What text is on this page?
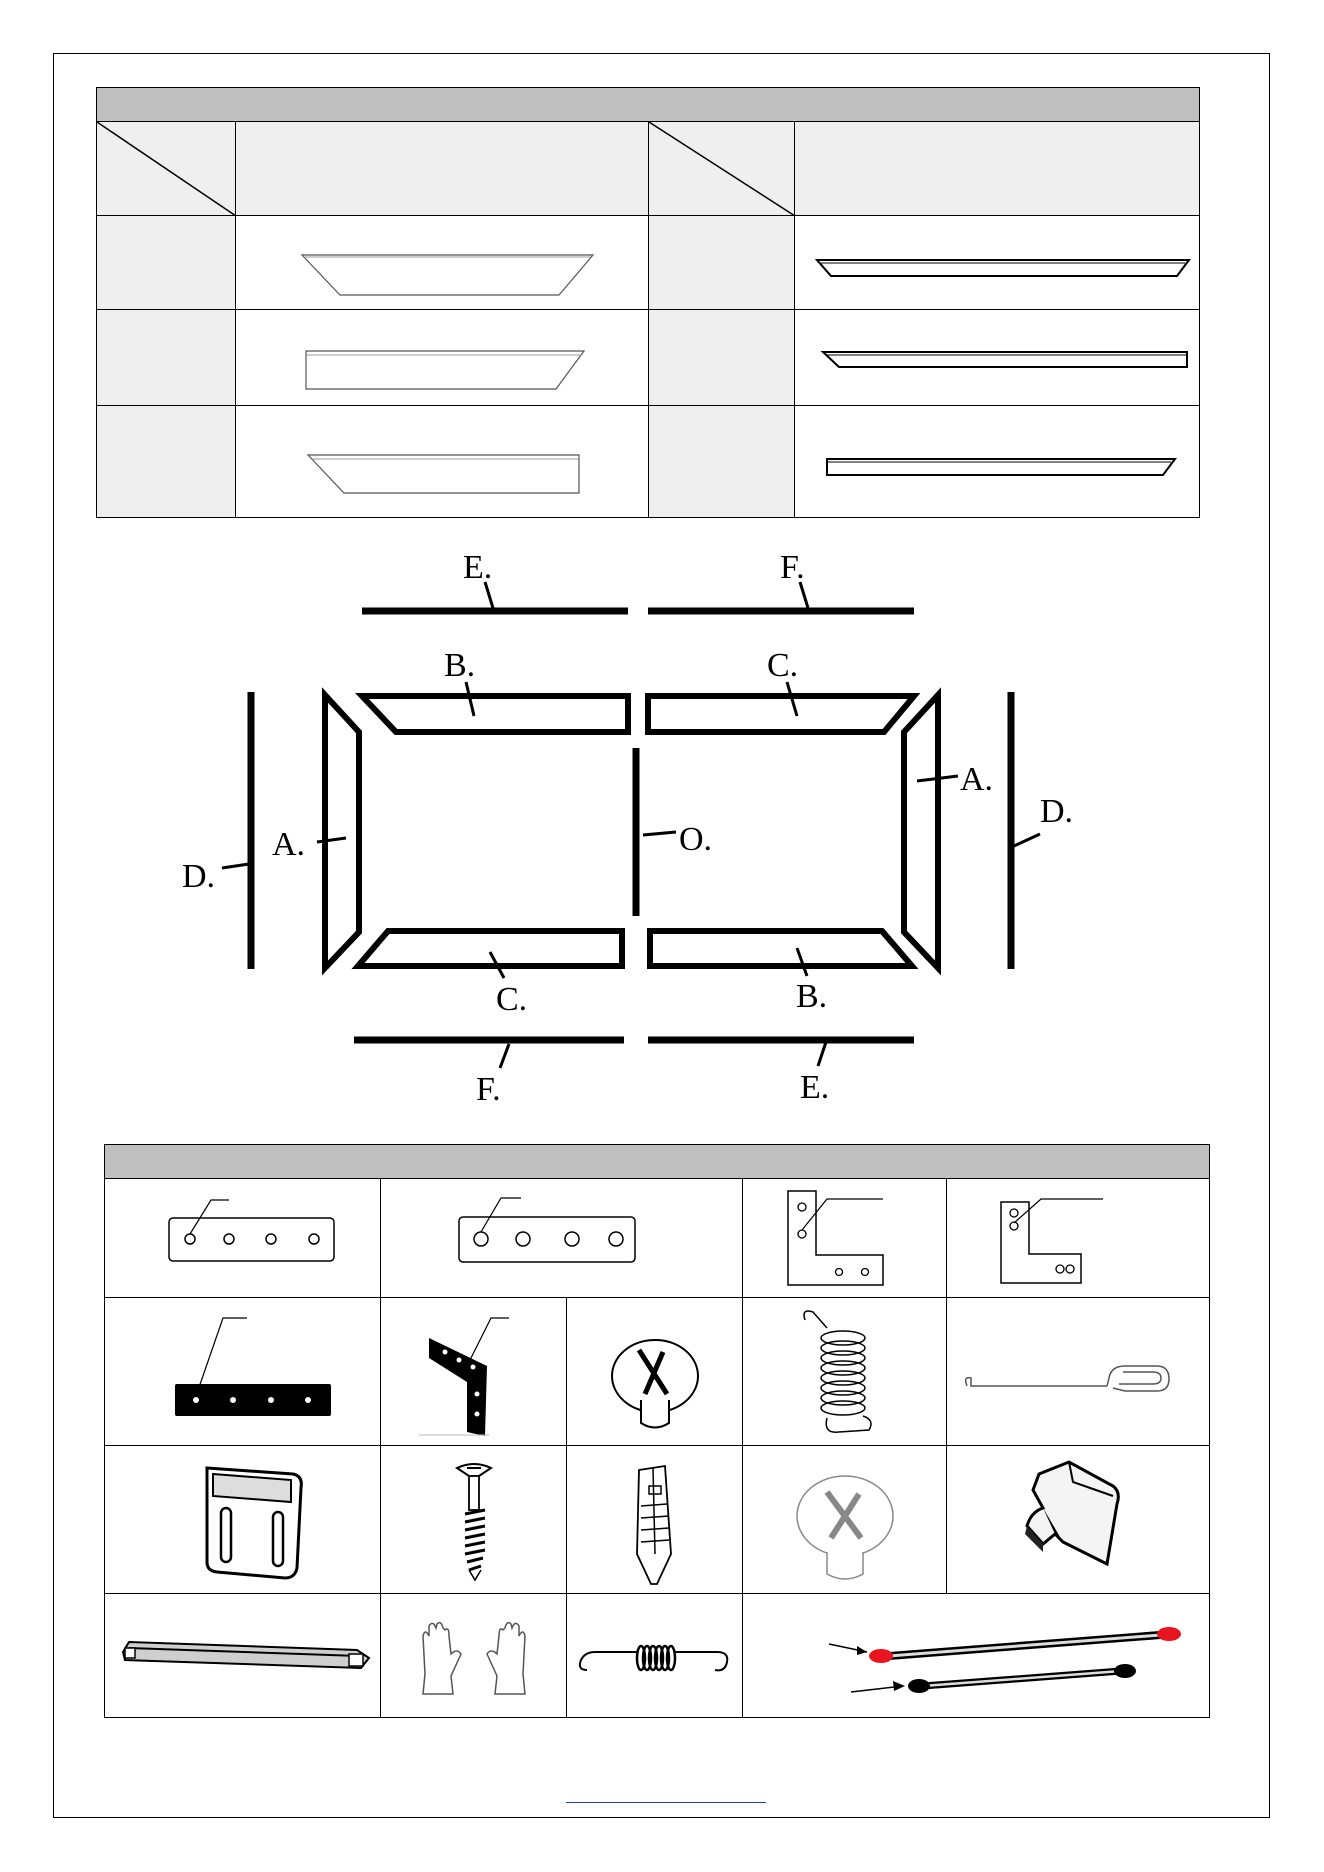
E.	F.
B.	C.
D.
A.	O.
A.
D.
C.	B.
F.	E.
